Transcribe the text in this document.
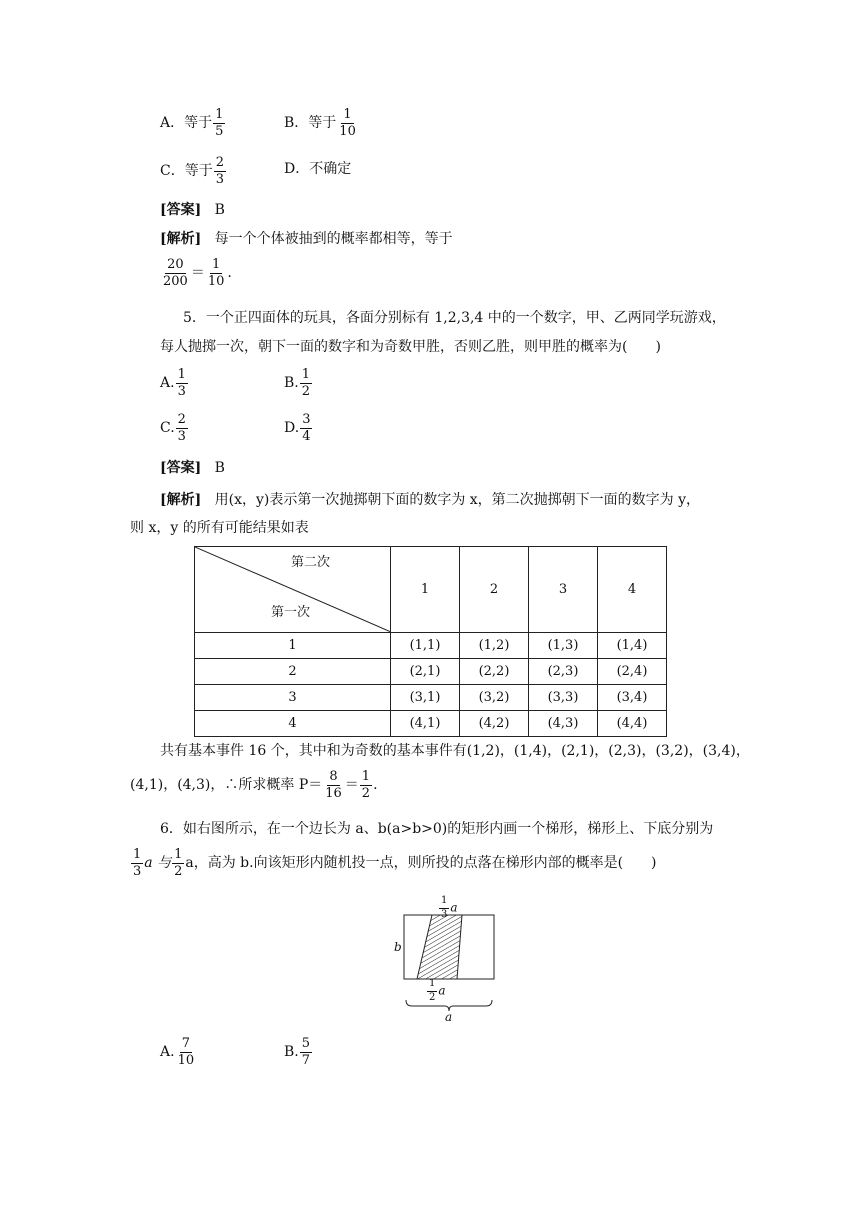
A．等于 $\frac{1}{5}$	B．等于 $\frac{1}{10}$
C．等于 $\frac{2}{3}$	D．不确定
[答案] B
[解析] 每一个个体被抽到的概率都相等，等于
$\frac{20}{200} = \frac{1}{10}$ .
5．一个正四面体的玩具，各面分别标有 1,2,3,4 中的一个数字，甲、乙两同学玩游戏，
每人抛掷一次，朝下一面的数字和为奇数甲胜，否则乙胜，则甲胜的概率为(　　)
A. $\frac{1}{3}$	B. $\frac{1}{2}$
C. $\frac{2}{3}$	D. $\frac{3}{4}$
[答案] B
[解析] 用(x，y)表示第一次抛掷朝下面的数字为 x，第二次抛掷朝下一面的数字为 y，
则 x，y 的所有可能结果如表
第二次
第一次	1	2	3	4
1	(1,1)	(1,2)	(1,3)	(1,4)
2	(2,1)	(2,2)	(2,3)	(2,4)
3	(3,1)	(3,2)	(3,3)	(3,4)
4	(4,1)	(4,2)	(4,3)	(4,4)
共有基本事件 16 个，其中和为奇数的基本事件有(1,2)，(1,4)，(2,1)，(2,3)，(3,2)，(3,4)，
(4,1)，(4,3)，∴所求概率 $P= \frac{8}{16} = \frac{1}{2}$ .
6．如右图所示，在一个边长为 a、b(a>b>0)的矩形内画一个梯形，梯形上、下底分别为
$\frac{1}{3}$ a 与 $\frac{1}{2}$ a，高为 b.向该矩形内随机投一点，则所投的点落在梯形内部的概率是(　　)
$\frac{1}{3}$ a
b
$\frac{1}{2}$ a
a
A. $\frac{7}{10}$	B. $\frac{5}{7}$
